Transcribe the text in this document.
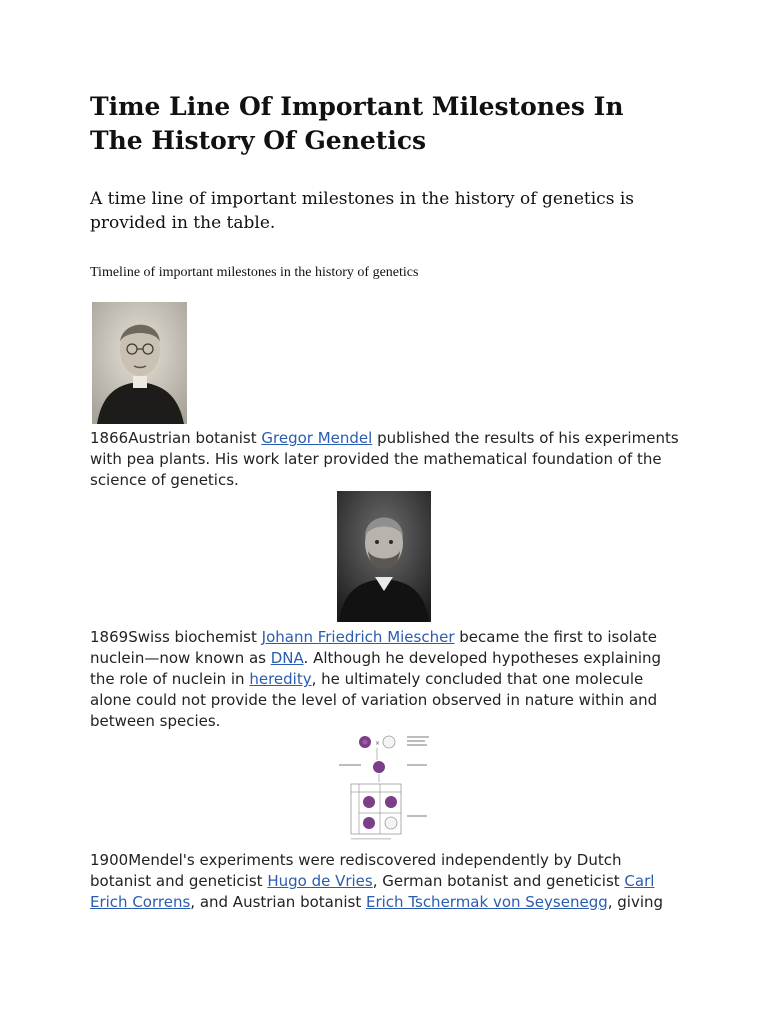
Time Line Of Important Milestones In The History Of Genetics

A time line of important milestones in the history of genetics is provided in the table.

Timeline of important milestones in the history of genetics

1866Austrian botanist Gregor Mendel published the results of his experiments with pea plants. His work later provided the mathematical foundation of the science of genetics.

1869Swiss biochemist Johann Friedrich Miescher became the first to isolate nuclein—now known as DNA. Although he developed hypotheses explaining the role of nuclein in heredity, he ultimately concluded that one molecule alone could not provide the level of variation observed in nature within and between species.

×

1900Mendel's experiments were rediscovered independently by Dutch botanist and geneticist Hugo de Vries, German botanist and geneticist Carl Erich Correns, and Austrian botanist Erich Tschermak von Seysenegg, giving
